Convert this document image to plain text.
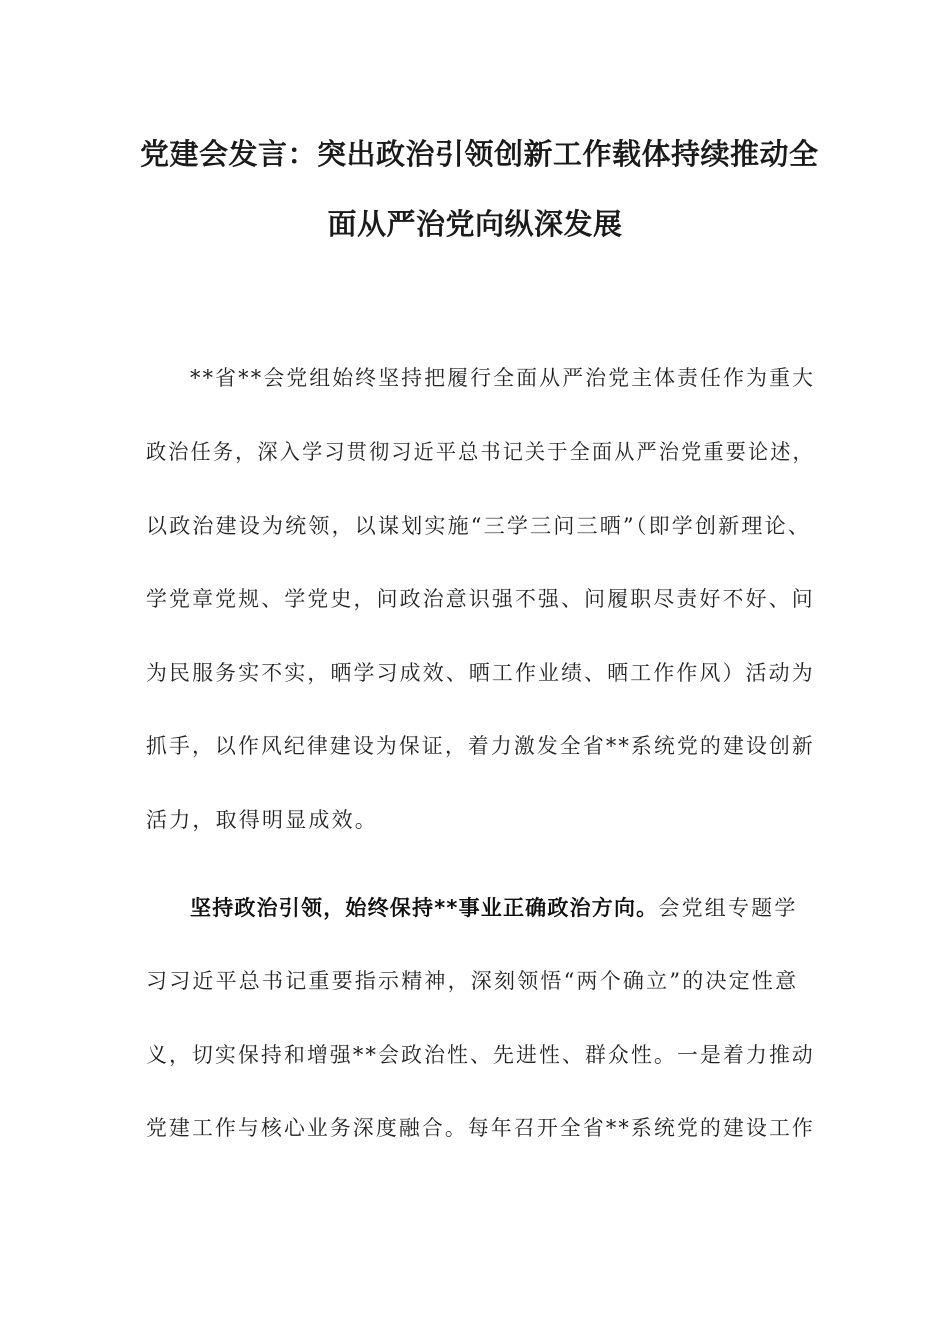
党建会发言：突出政治引领创新工作载体持续推动全
面从严治党向纵深发展
**省**会党组始终坚持把履行全面从严治党主体责任作为重大
政治任务，深入学习贯彻习近平总书记关于全面从严治党重要论述，
以政治建设为统领，以谋划实施“三学三问三晒”（即学创新理论、
学党章党规、学党史，问政治意识强不强、问履职尽责好不好、问
为民服务实不实，晒学习成效、晒工作业绩、晒工作作风）活动为
抓手，以作风纪律建设为保证，着力激发全省**系统党的建设创新
活力，取得明显成效。
坚持政治引领，始终保持**事业正确政治方向。会党组专题学
习习近平总书记重要指示精神，深刻领悟“两个确立”的决定性意
义，切实保持和增强**会政治性、先进性、群众性。一是着力推动
党建工作与核心业务深度融合。每年召开全省**系统党的建设工作
